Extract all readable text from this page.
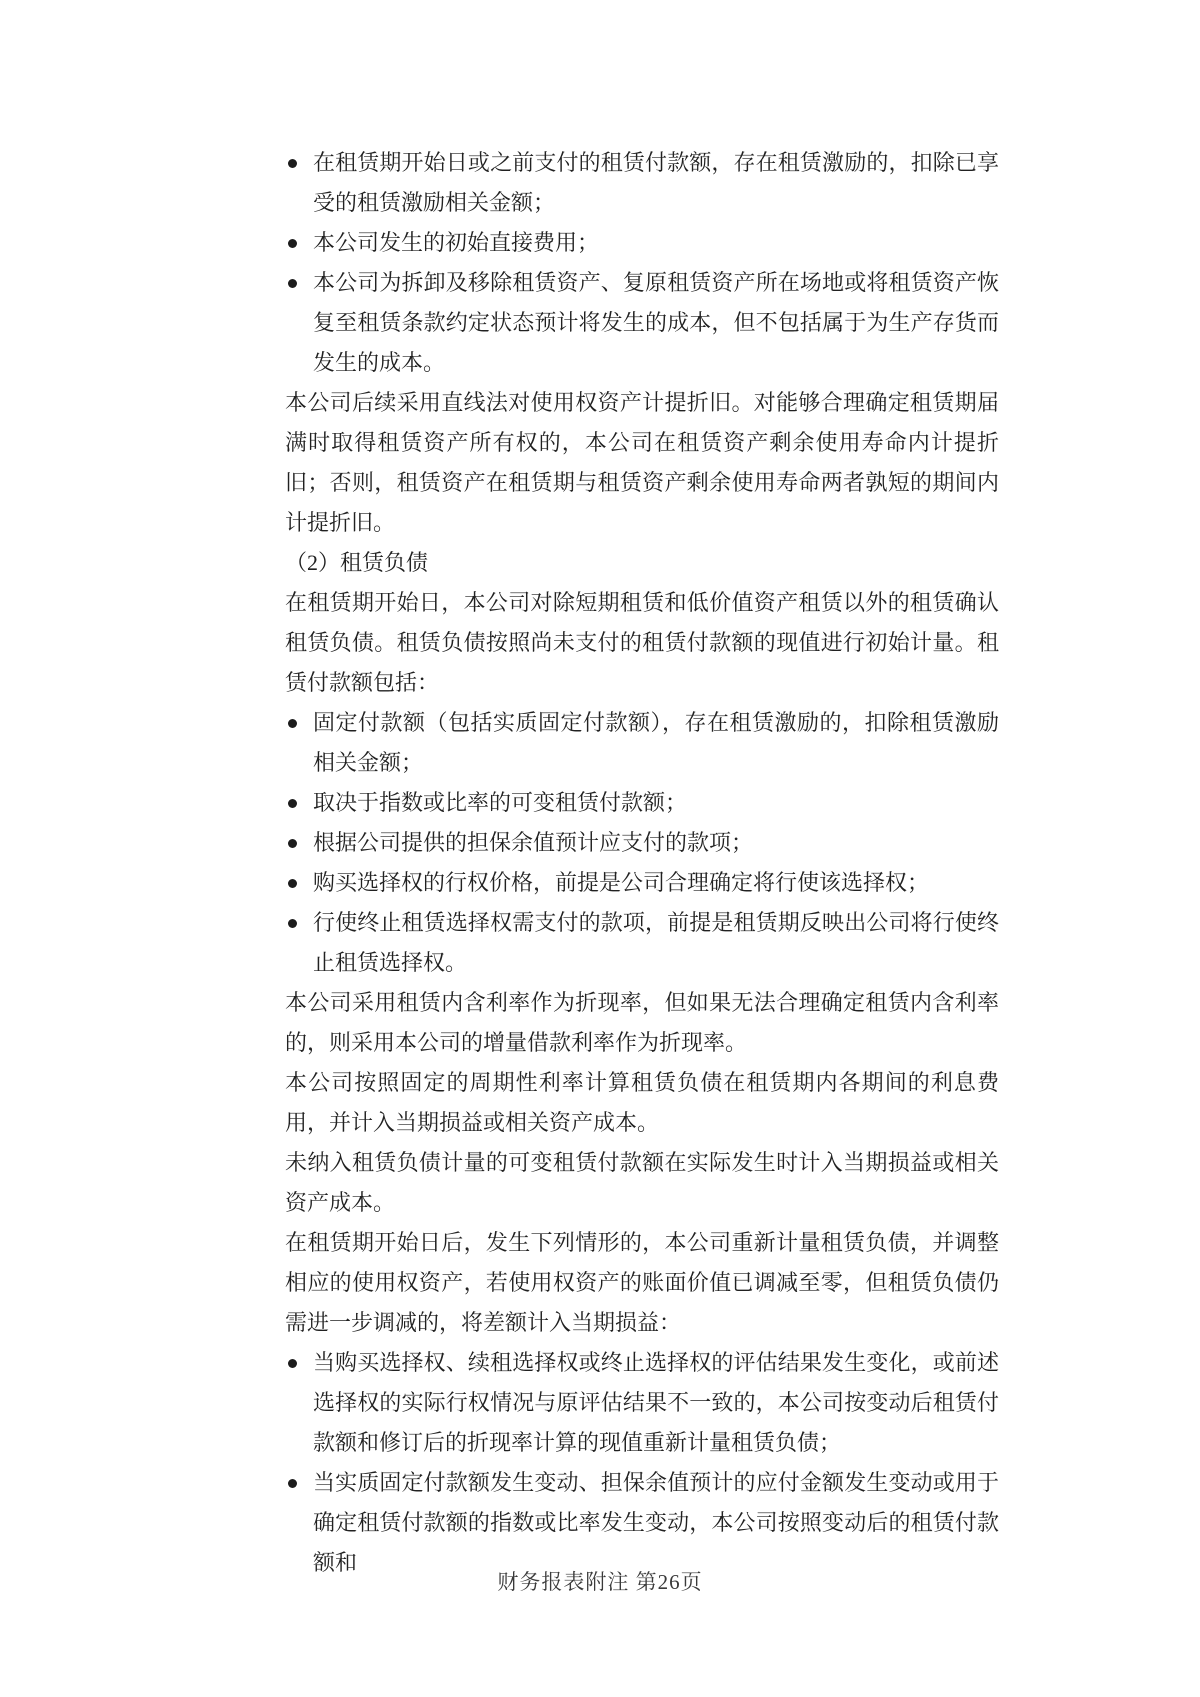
在租赁期开始日或之前支付的租赁付款额，存在租赁激励的，扣除已享受的租赁激励相关金额；
本公司发生的初始直接费用；
本公司为拆卸及移除租赁资产、复原租赁资产所在场地或将租赁资产恢复至租赁条款约定状态预计将发生的成本，但不包括属于为生产存货而发生的成本。
本公司后续采用直线法对使用权资产计提折旧。对能够合理确定租赁期届满时取得租赁资产所有权的，本公司在租赁资产剩余使用寿命内计提折旧；否则，租赁资产在租赁期与租赁资产剩余使用寿命两者孰短的期间内计提折旧。
（2）租赁负债
在租赁期开始日，本公司对除短期租赁和低价值资产租赁以外的租赁确认租赁负债。租赁负债按照尚未支付的租赁付款额的现值进行初始计量。租赁付款额包括：
固定付款额（包括实质固定付款额），存在租赁激励的，扣除租赁激励相关金额；
取决于指数或比率的可变租赁付款额；
根据公司提供的担保余值预计应支付的款项；
购买选择权的行权价格，前提是公司合理确定将行使该选择权；
行使终止租赁选择权需支付的款项，前提是租赁期反映出公司将行使终止租赁选择权。
本公司采用租赁内含利率作为折现率，但如果无法合理确定租赁内含利率的，则采用本公司的增量借款利率作为折现率。
本公司按照固定的周期性利率计算租赁负债在租赁期内各期间的利息费用，并计入当期损益或相关资产成本。
未纳入租赁负债计量的可变租赁付款额在实际发生时计入当期损益或相关资产成本。
在租赁期开始日后，发生下列情形的，本公司重新计量租赁负债，并调整相应的使用权资产，若使用权资产的账面价值已调减至零，但租赁负债仍需进一步调减的，将差额计入当期损益：
当购买选择权、续租选择权或终止选择权的评估结果发生变化，或前述选择权的实际行权情况与原评估结果不一致的，本公司按变动后租赁付款额和修订后的折现率计算的现值重新计量租赁负债；
当实质固定付款额发生变动、担保余值预计的应付金额发生变动或用于确定租赁付款额的指数或比率发生变动，本公司按照变动后的租赁付款额和
财务报表附注 第26页
